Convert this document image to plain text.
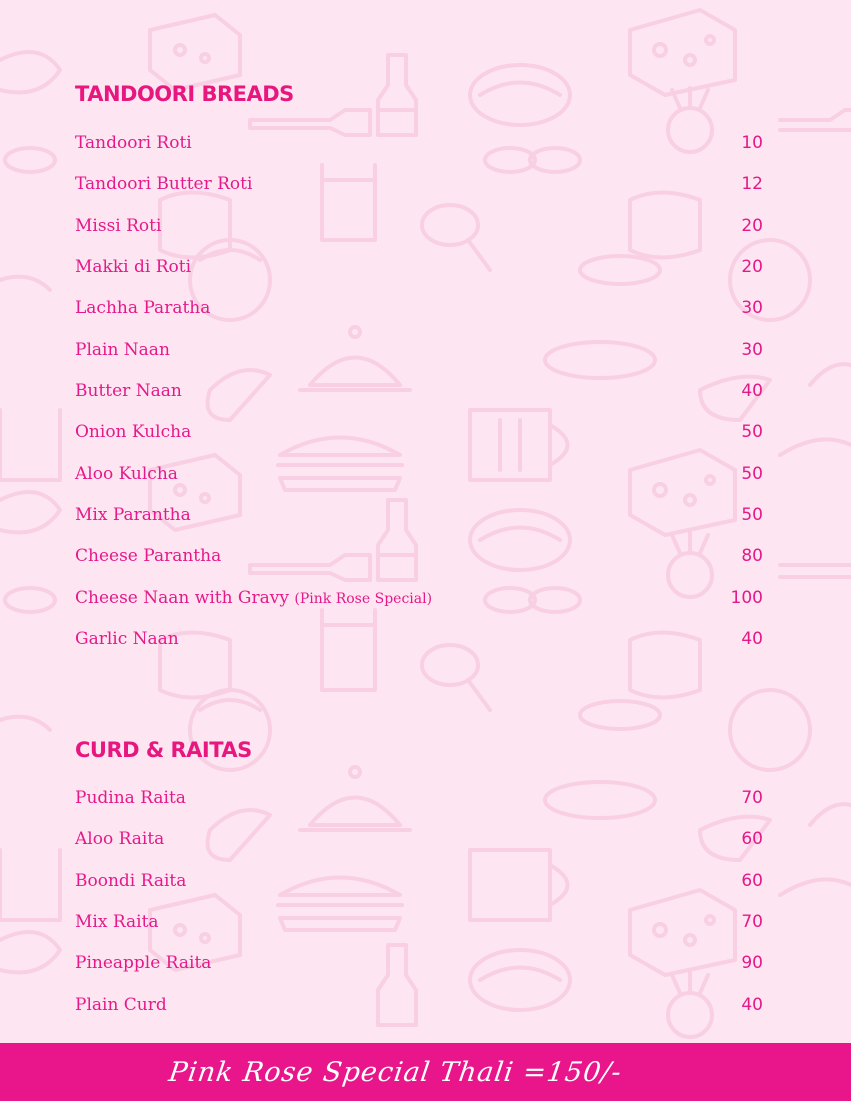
TANDOORI BREADS
Tandoori Roti	10
Tandoori Butter Roti	12
Missi Roti	20
Makki di Roti	20
Lachha Paratha	30
Plain Naan	30
Butter Naan	40
Onion Kulcha	50
Aloo Kulcha	50
Mix Parantha	50
Cheese Parantha	80
Cheese Naan with Gravy (Pink Rose Special)	100
Garlic Naan	40
CURD & RAITAS
Pudina Raita	70
Aloo Raita	60
Boondi Raita	60
Mix Raita	70
Pineapple Raita	90
Plain Curd	40
Pink Rose Special Thali =150/-
